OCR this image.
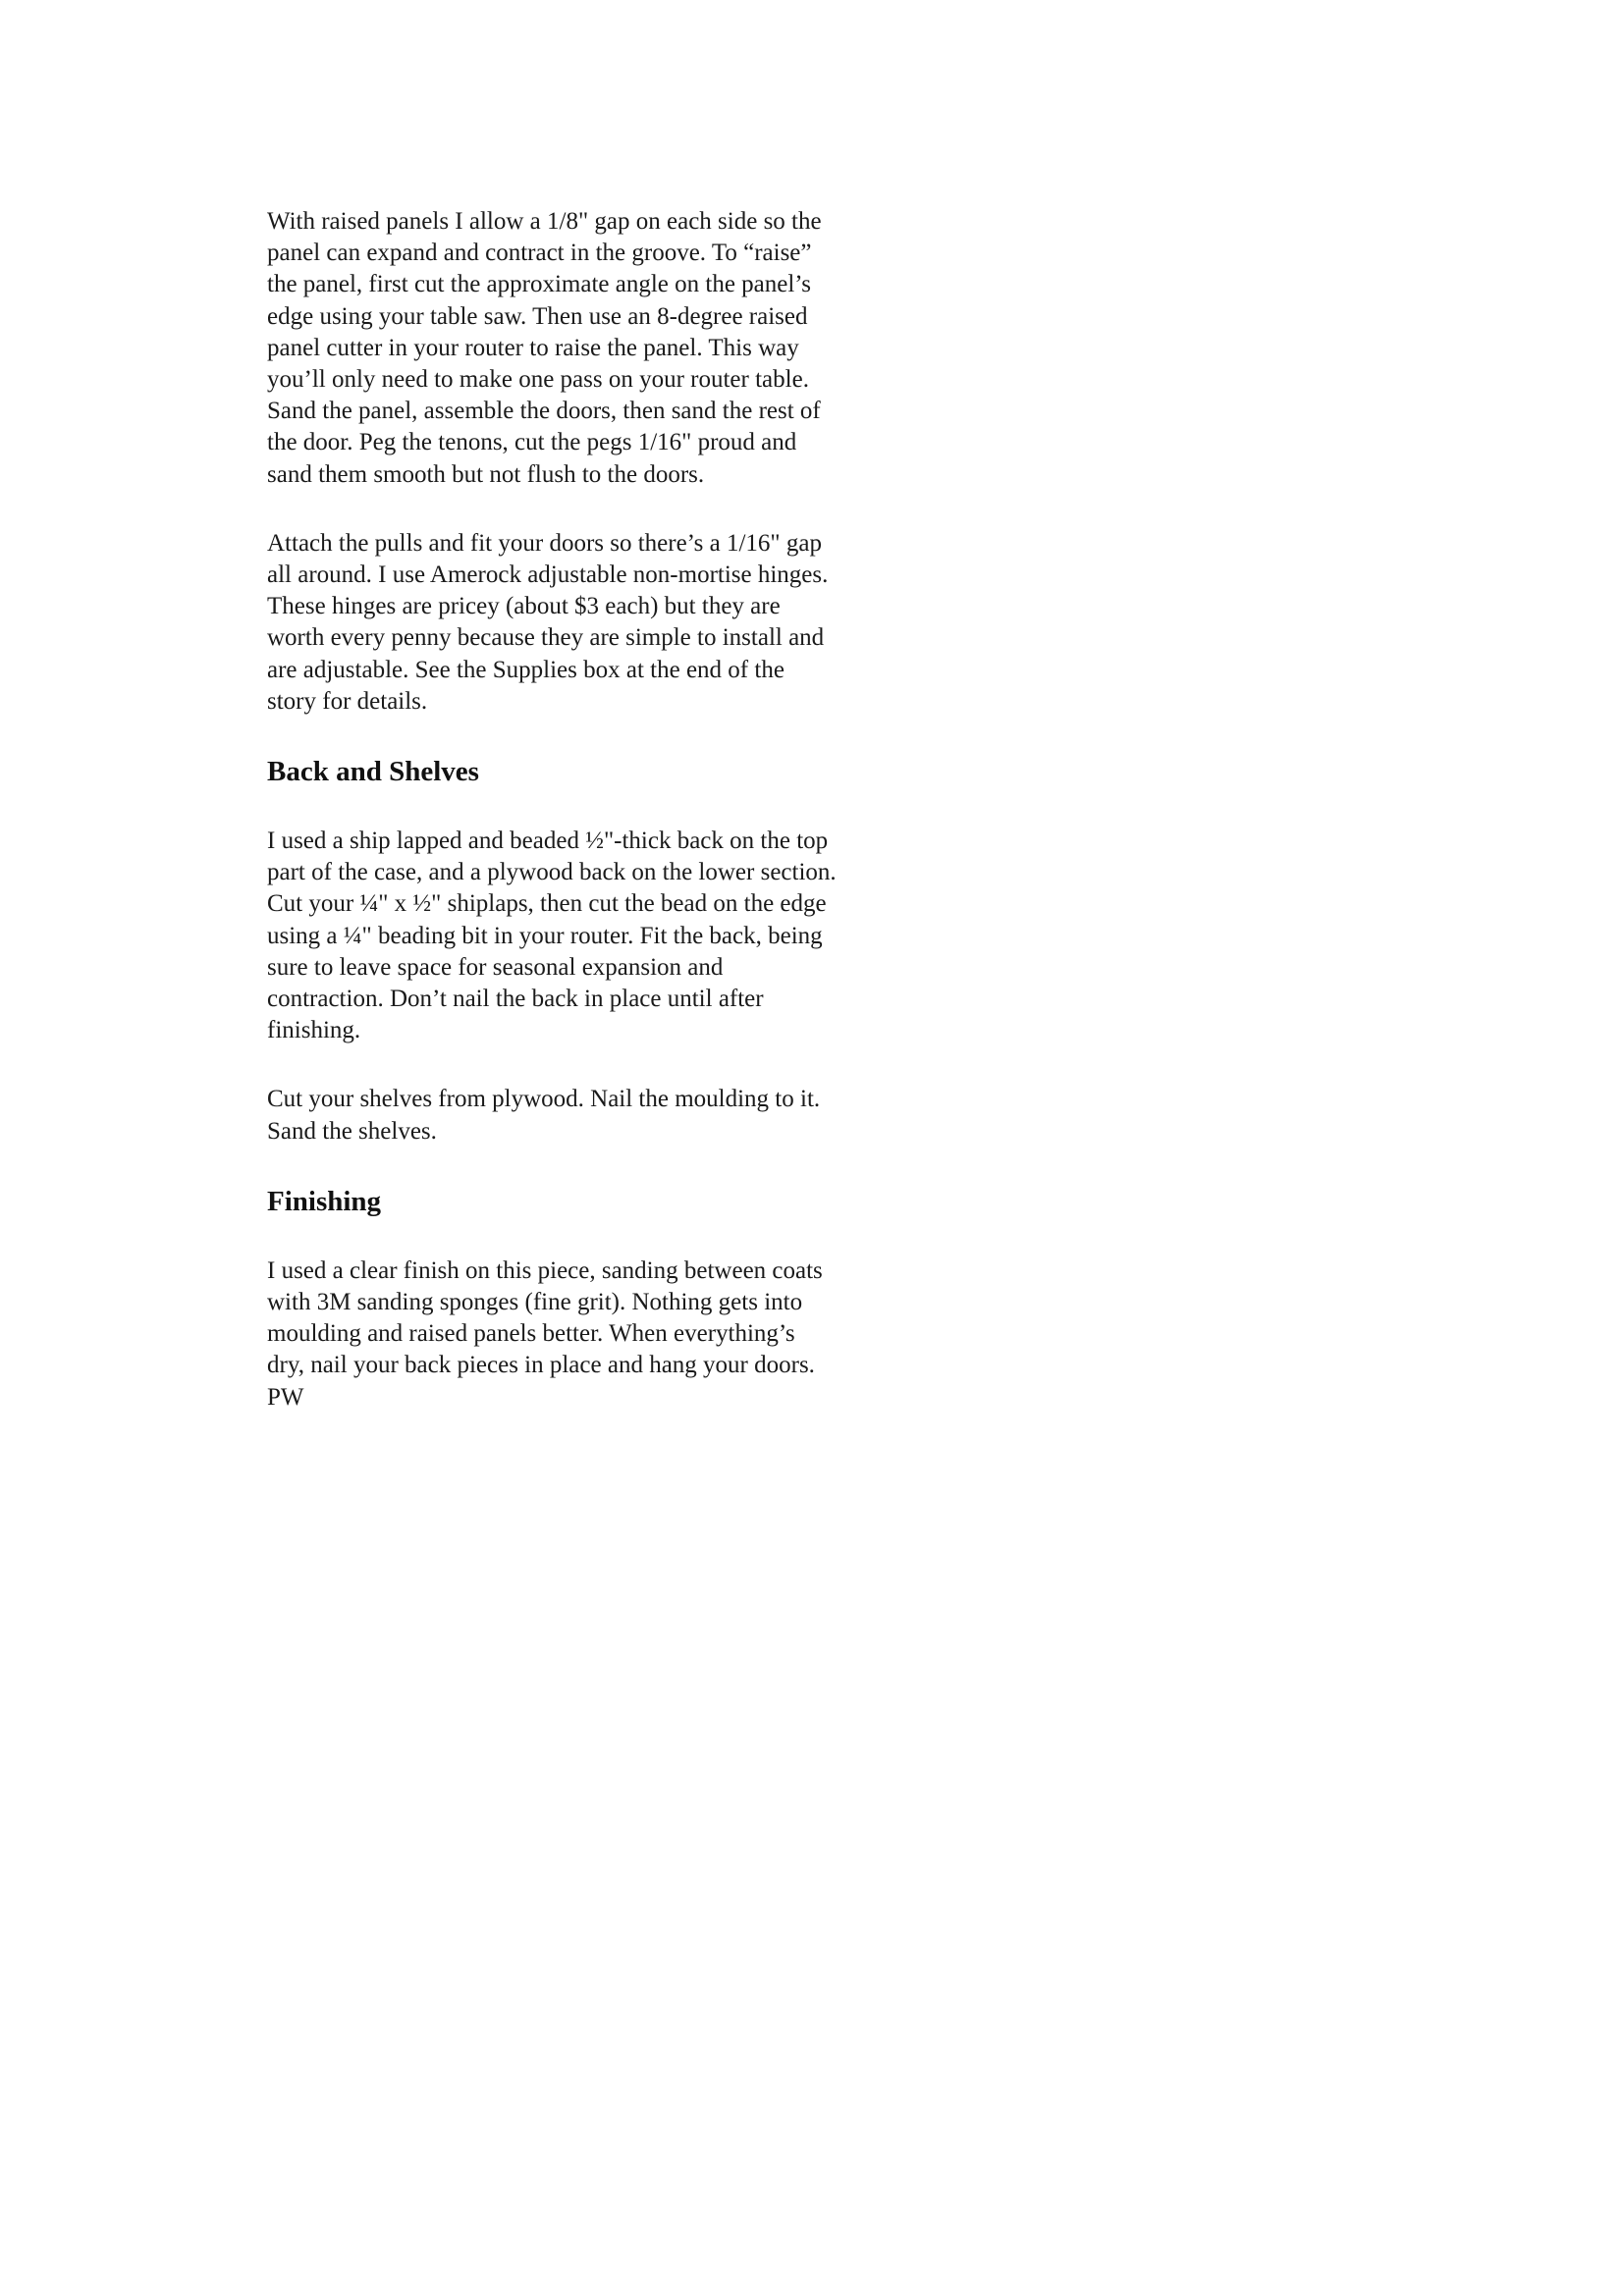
With raised panels I allow a 1/8" gap on each side so the
panel can expand and contract in the groove. To “raise”
the panel, first cut the approximate angle on the panel’s
edge using your table saw. Then use an 8-degree raised
panel cutter in your router to raise the panel. This way
you’ll only need to make one pass on your router table.
Sand the panel, assemble the doors, then sand the rest of
the door. Peg the tenons, cut the pegs 1/16" proud and
sand them smooth but not flush to the doors.
Attach the pulls and fit your doors so there’s a 1/16" gap
all around. I use Amerock adjustable non-mortise hinges.
These hinges are pricey (about $3 each) but they are
worth every penny because they are simple to install and
are adjustable. See the Supplies box at the end of the
story for details.
Back and Shelves
I used a ship lapped and beaded ½"-thick back on the top
part of the case, and a plywood back on the lower section.
Cut your ¼" x ½" shiplaps, then cut the bead on the edge
using a ¼" beading bit in your router. Fit the back, being
sure to leave space for seasonal expansion and
contraction. Don’t nail the back in place until after
finishing.
Cut your shelves from plywood. Nail the moulding to it.
Sand the shelves.
Finishing
I used a clear finish on this piece, sanding between coats
with 3M sanding sponges (fine grit). Nothing gets into
moulding and raised panels better. When everything’s
dry, nail your back pieces in place and hang your doors.
PW
